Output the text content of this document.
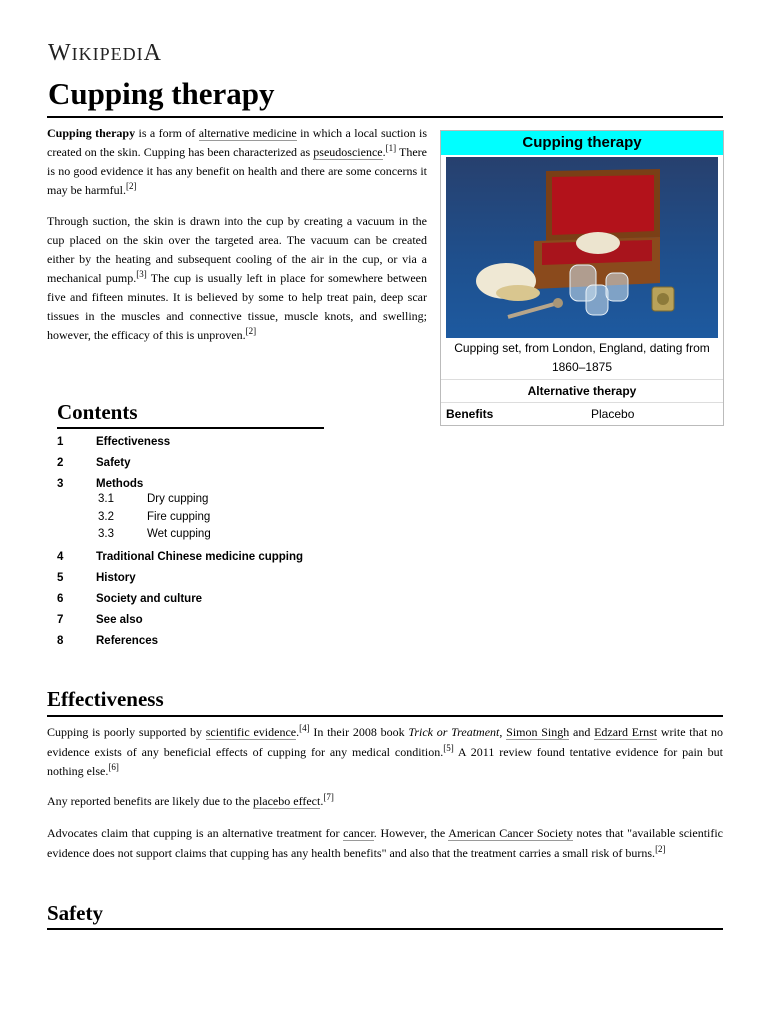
WIKIPEDIA
Cupping therapy
Cupping therapy is a form of alternative medicine in which a local suction is created on the skin. Cupping has been characterized as pseudoscience.[1] There is no good evidence it has any benefit on health and there are some concerns it may be harmful.[2]
Through suction, the skin is drawn into the cup by creating a vacuum in the cup placed on the skin over the targeted area. The vacuum can be created either by the heating and subsequent cooling of the air in the cup, or via a mechanical pump.[3] The cup is usually left in place for somewhere between five and fifteen minutes. It is believed by some to help treat pain, deep scar tissues in the muscles and connective tissue, muscle knots, and swelling; however, the efficacy of this is unproven.[2]
Cupping therapy
Cupping set, from London, England, dating from 1860–1875
Alternative therapy
Benefits	Placebo
Contents
1	Effectiveness
2	Safety
3	Methods
3.1	Dry cupping
3.2	Fire cupping
3.3	Wet cupping
4	Traditional Chinese medicine cupping
5	History
6	Society and culture
7	See also
8	References
Effectiveness
Cupping is poorly supported by scientific evidence.[4] In their 2008 book Trick or Treatment, Simon Singh and Edzard Ernst write that no evidence exists of any beneficial effects of cupping for any medical condition.[5] A 2011 review found tentative evidence for pain but nothing else.[6]
Any reported benefits are likely due to the placebo effect.[7]
Advocates claim that cupping is an alternative treatment for cancer. However, the American Cancer Society notes that "available scientific evidence does not support claims that cupping has any health benefits" and also that the treatment carries a small risk of burns.[2]
Safety
